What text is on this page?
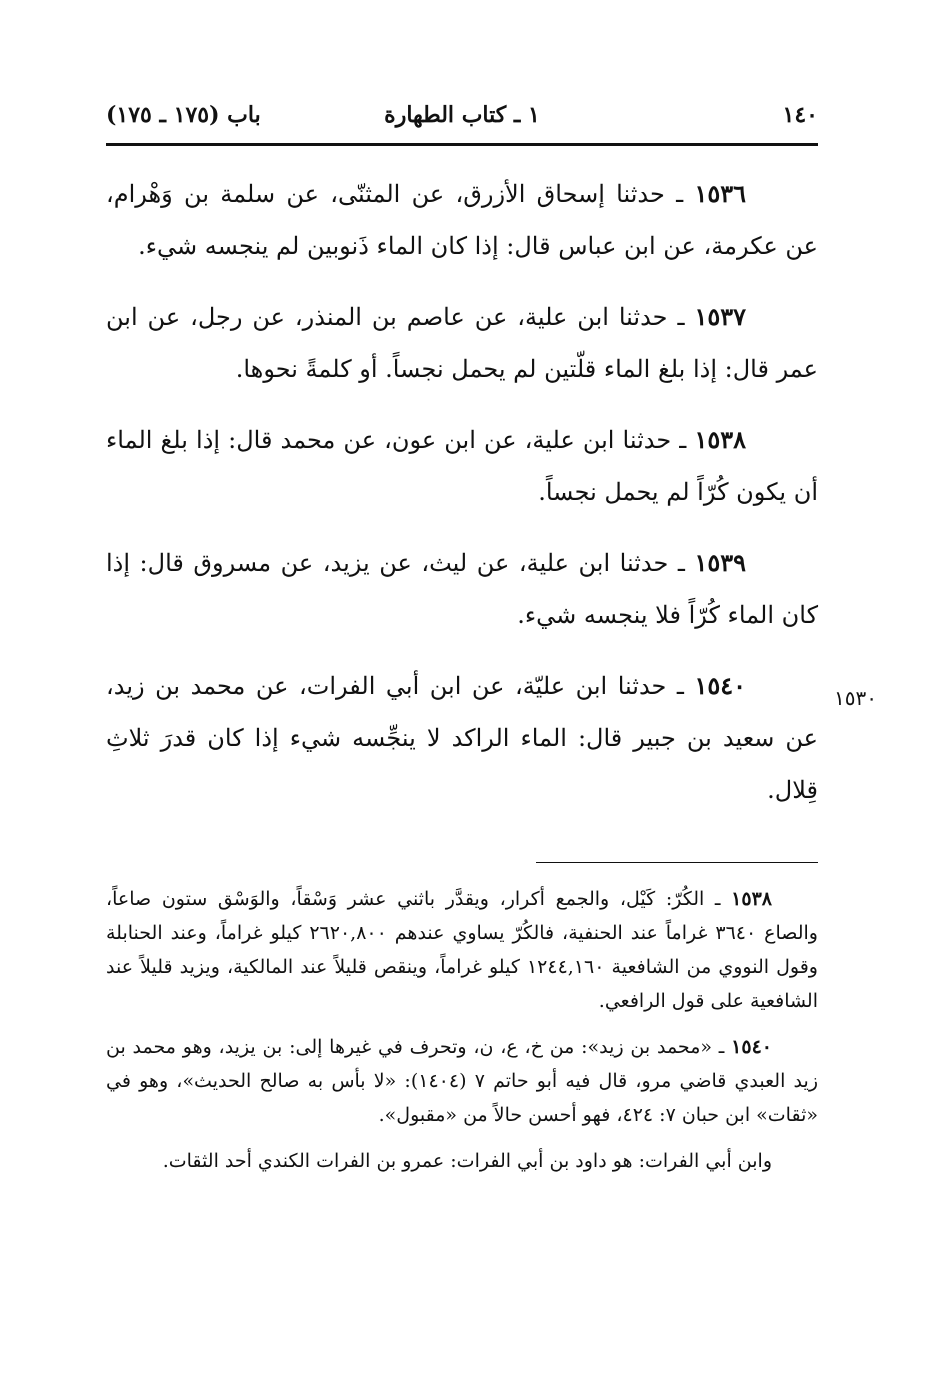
١٤٠
١ ـ كتاب الطهارة
باب (١٧٥ ـ ١٧٥)

١٥٣٦ ـ حدثنا إسحاق الأزرق، عن المثنّى، عن سلمة بن وَهْرام، عن عكرمة، عن ابن عباس قال: إذا كان الماء ذَنوبين لم ينجسه شيء.

١٥٣٧ ـ حدثنا ابن علية، عن عاصم بن المنذر، عن رجل، عن ابن عمر قال: إذا بلغ الماء قلّتين لم يحمل نجساً. أو كلمةً نحوها.

١٥٣٨ ـ حدثنا ابن علية، عن ابن عون، عن محمد قال: إذا بلغ الماء أن يكون كُرّاً لم يحمل نجساً.

١٥٣٩ ـ حدثنا ابن علية، عن ليث، عن يزيد، عن مسروق قال: إذا كان الماء كُرّاً فلا ينجسه شيء.

١٥٤٠ ـ حدثنا ابن عليّة، عن ابن أبي الفرات، عن محمد بن زيد، عن سعيد بن جبير قال: الماء الراكد لا ينجِّسه شيء إذا كان قدرَ ثلاثِ قِلال.

١٥٣٠

١٥٣٨ ـ الكُرّ: كَيْل، والجمع أكرار، ويقدَّر باثني عشر وَسْقاً، والوَسْق ستون صاعاً، والصاع ٣٦٤٠ غراماً عند الحنفية، فالكُرّ يساوي عندهم ٢٦٢٠,٨٠٠ كيلو غراماً، وعند الحنابلة وقول النووي من الشافعية ١٢٤٤,١٦٠ كيلو غراماً، وينقص قليلاً عند المالكية، ويزيد قليلاً عند الشافعية على قول الرافعي.

١٥٤٠ ـ «محمد بن زيد»: من خ، ع، ن، وتحرف في غيرها إلى: بن يزيد، وهو محمد بن زيد العبدي قاضي مرو، قال فيه أبو حاتم ٧ (١٤٠٤): «لا بأس به صالح الحديث»، وهو في «ثقات» ابن حبان ٧: ٤٢٤، فهو أحسن حالاً من «مقبول».

وابن أبي الفرات: هو داود بن أبي الفرات: عمرو بن الفرات الكندي أحد الثقات.
